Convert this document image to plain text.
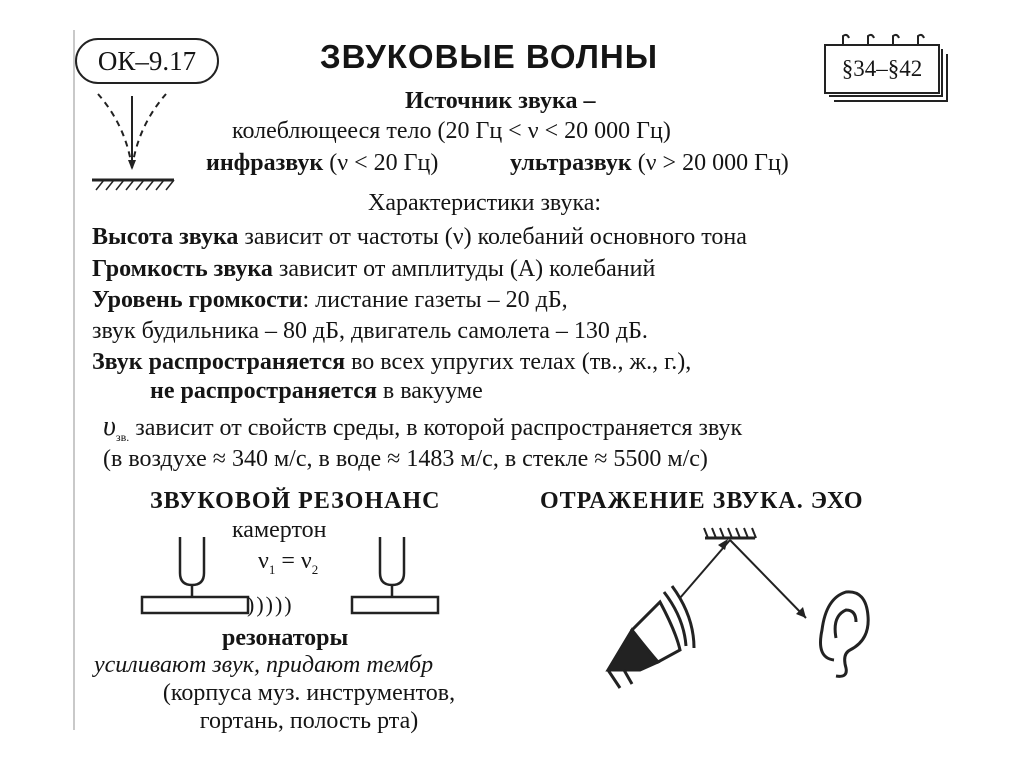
ОК–9.17	ЗВУКОВЫЕ ВОЛНЫ	§34–§42
Источник звука –
колеблющееся тело (20 Гц < ν < 20 000 Гц)
инфразвук (ν < 20 Гц)	ультразвук (ν > 20 000 Гц)
Характеристики звука:
Высота звука зависит от частоты (ν) колебаний основного тона
Громкость звука зависит от амплитуды (A) колебаний
Уровень громкости: листание газеты – 20 дБ,
звук будильника – 80 дБ, двигатель самолета – 130 дБ.
Звук распространяется во всех упругих телах (тв., ж., г.),
не распространяется в вакууме
$\upsilon_{зв.}$ зависит от свойств среды, в которой распространяется звук
(в воздухе ≈ 340 м/с, в воде ≈ 1483 м/с, в стекле ≈ 5500 м/с)
ЗВУКОВОЙ РЕЗОНАНС
камертон
$\nu_1 = \nu_2$
)))))
резонаторы
усиливают звук, придают тембр
(корпуса муз. инструментов,
гортань, полость рта)
ОТРАЖЕНИЕ ЗВУКА. ЭХО
